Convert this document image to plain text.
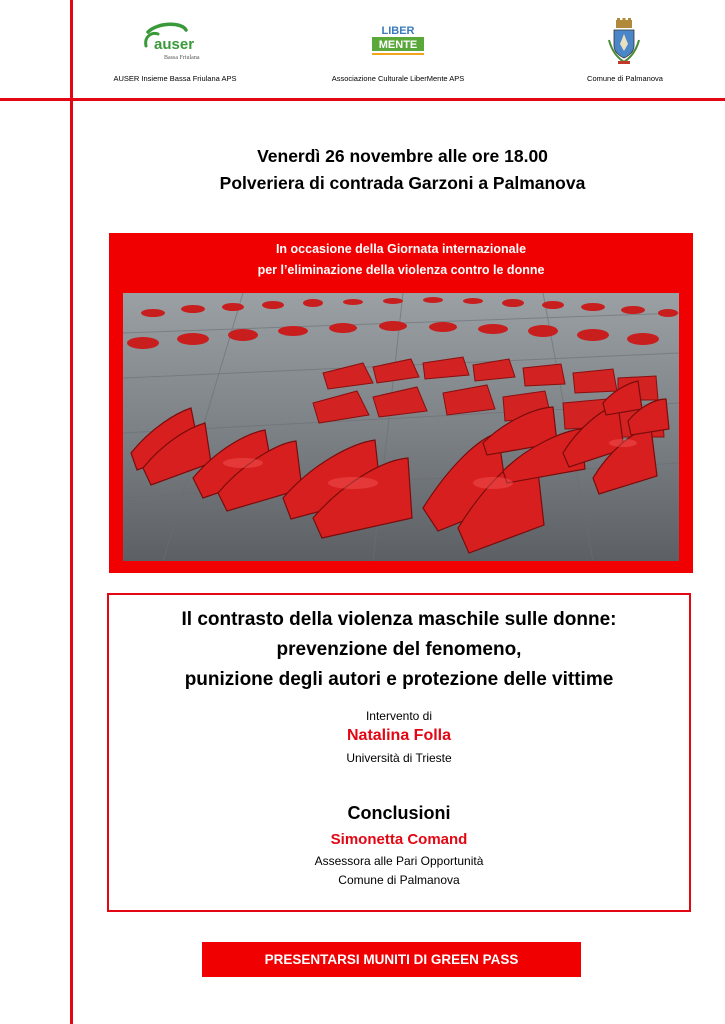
auser
Bassa Friulana
AUSER Insieme Bassa Friulana APS
LIBER
MENTE
Associazione Culturale LiberMente APS	Comune di Palmanova
Venerdì 26 novembre alle ore 18.00
Polveriera di contrada Garzoni a Palmanova
In occasione della Giornata internazionale
per l’eliminazione della violenza contro le donne
Il contrasto della violenza maschile sulle donne:
prevenzione del fenomeno,
punizione degli autori e protezione delle vittime
Intervento di
Natalina Folla
Università di Trieste
Conclusioni
Simonetta Comand
Assessora alle Pari Opportunità
Comune di Palmanova
PRESENTARSI MUNITI DI GREEN PASS
